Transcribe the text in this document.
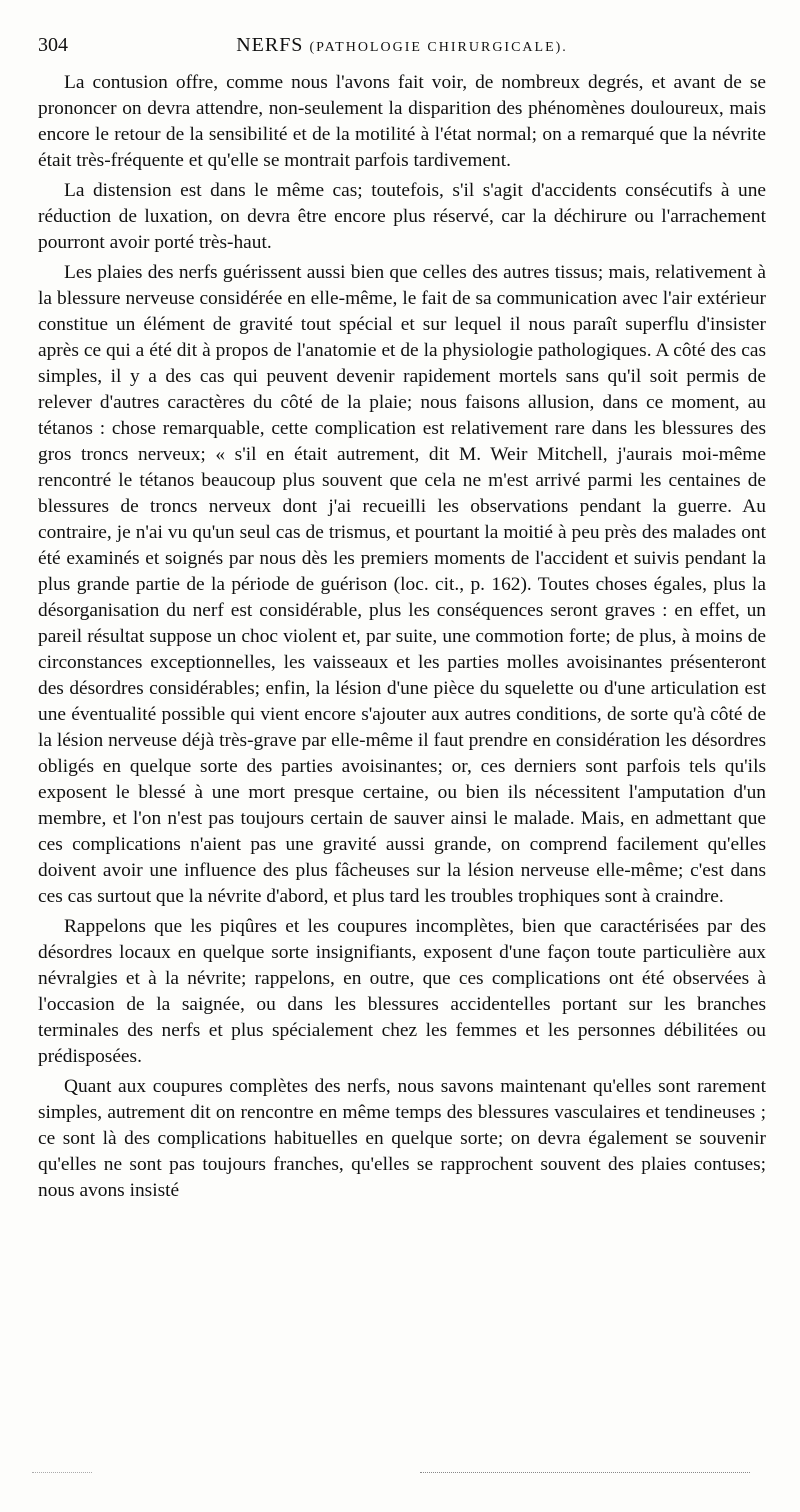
304	NERFS (PATHOLOGIE CHIRURGICALE).

La contusion offre, comme nous l'avons fait voir, de nombreux degrés, et avant de se prononcer on devra attendre, non-seulement la disparition des phénomènes douloureux, mais encore le retour de la sensibilité et de la motilité à l'état normal; on a remarqué que la névrite était très-fréquente et qu'elle se montrait parfois tardivement.

La distension est dans le même cas; toutefois, s'il s'agit d'accidents consécutifs à une réduction de luxation, on devra être encore plus réservé, car la déchirure ou l'arrachement pourront avoir porté très-haut.

Les plaies des nerfs guérissent aussi bien que celles des autres tissus; mais, relativement à la blessure nerveuse considérée en elle-même, le fait de sa communication avec l'air extérieur constitue un élément de gravité tout spécial et sur lequel il nous paraît superflu d'insister après ce qui a été dit à propos de l'anatomie et de la physiologie pathologiques. A côté des cas simples, il y a des cas qui peuvent devenir rapidement mortels sans qu'il soit permis de relever d'autres caractères du côté de la plaie; nous faisons allusion, dans ce moment, au tétanos : chose remarquable, cette complication est relativement rare dans les blessures des gros troncs nerveux; « s'il en était autrement, dit M. Weir Mitchell, j'aurais moi-même rencontré le tétanos beaucoup plus souvent que cela ne m'est arrivé parmi les centaines de blessures de troncs nerveux dont j'ai recueilli les observations pendant la guerre. Au contraire, je n'ai vu qu'un seul cas de trismus, et pourtant la moitié à peu près des malades ont été examinés et soignés par nous dès les premiers moments de l'accident et suivis pendant la plus grande partie de la période de guérison (loc. cit., p. 162). Toutes choses égales, plus la désorganisation du nerf est considérable, plus les conséquences seront graves : en effet, un pareil résultat suppose un choc violent et, par suite, une commotion forte; de plus, à moins de circonstances exceptionnelles, les vaisseaux et les parties molles avoisinantes présenteront des désordres considérables; enfin, la lésion d'une pièce du squelette ou d'une articulation est une éventualité possible qui vient encore s'ajouter aux autres conditions, de sorte qu'à côté de la lésion nerveuse déjà très-grave par elle-même il faut prendre en considération les désordres obligés en quelque sorte des parties avoisinantes; or, ces derniers sont parfois tels qu'ils exposent le blessé à une mort presque certaine, ou bien ils nécessitent l'amputation d'un membre, et l'on n'est pas toujours certain de sauver ainsi le malade. Mais, en admettant que ces complications n'aient pas une gravité aussi grande, on comprend facilement qu'elles doivent avoir une influence des plus fâcheuses sur la lésion nerveuse elle-même; c'est dans ces cas surtout que la névrite d'abord, et plus tard les troubles trophiques sont à craindre.

Rappelons que les piqûres et les coupures incomplètes, bien que caractérisées par des désordres locaux en quelque sorte insignifiants, exposent d'une façon toute particulière aux névralgies et à la névrite; rappelons, en outre, que ces complications ont été observées à l'occasion de la saignée, ou dans les blessures accidentelles portant sur les branches terminales des nerfs et plus spécialement chez les femmes et les personnes débilitées ou prédisposées.

Quant aux coupures complètes des nerfs, nous savons maintenant qu'elles sont rarement simples, autrement dit on rencontre en même temps des blessures vasculaires et tendineuses ; ce sont là des complications habituelles en quelque sorte; on devra également se souvenir qu'elles ne sont pas toujours franches, qu'elles se rapprochent souvent des plaies contuses; nous avons insisté
